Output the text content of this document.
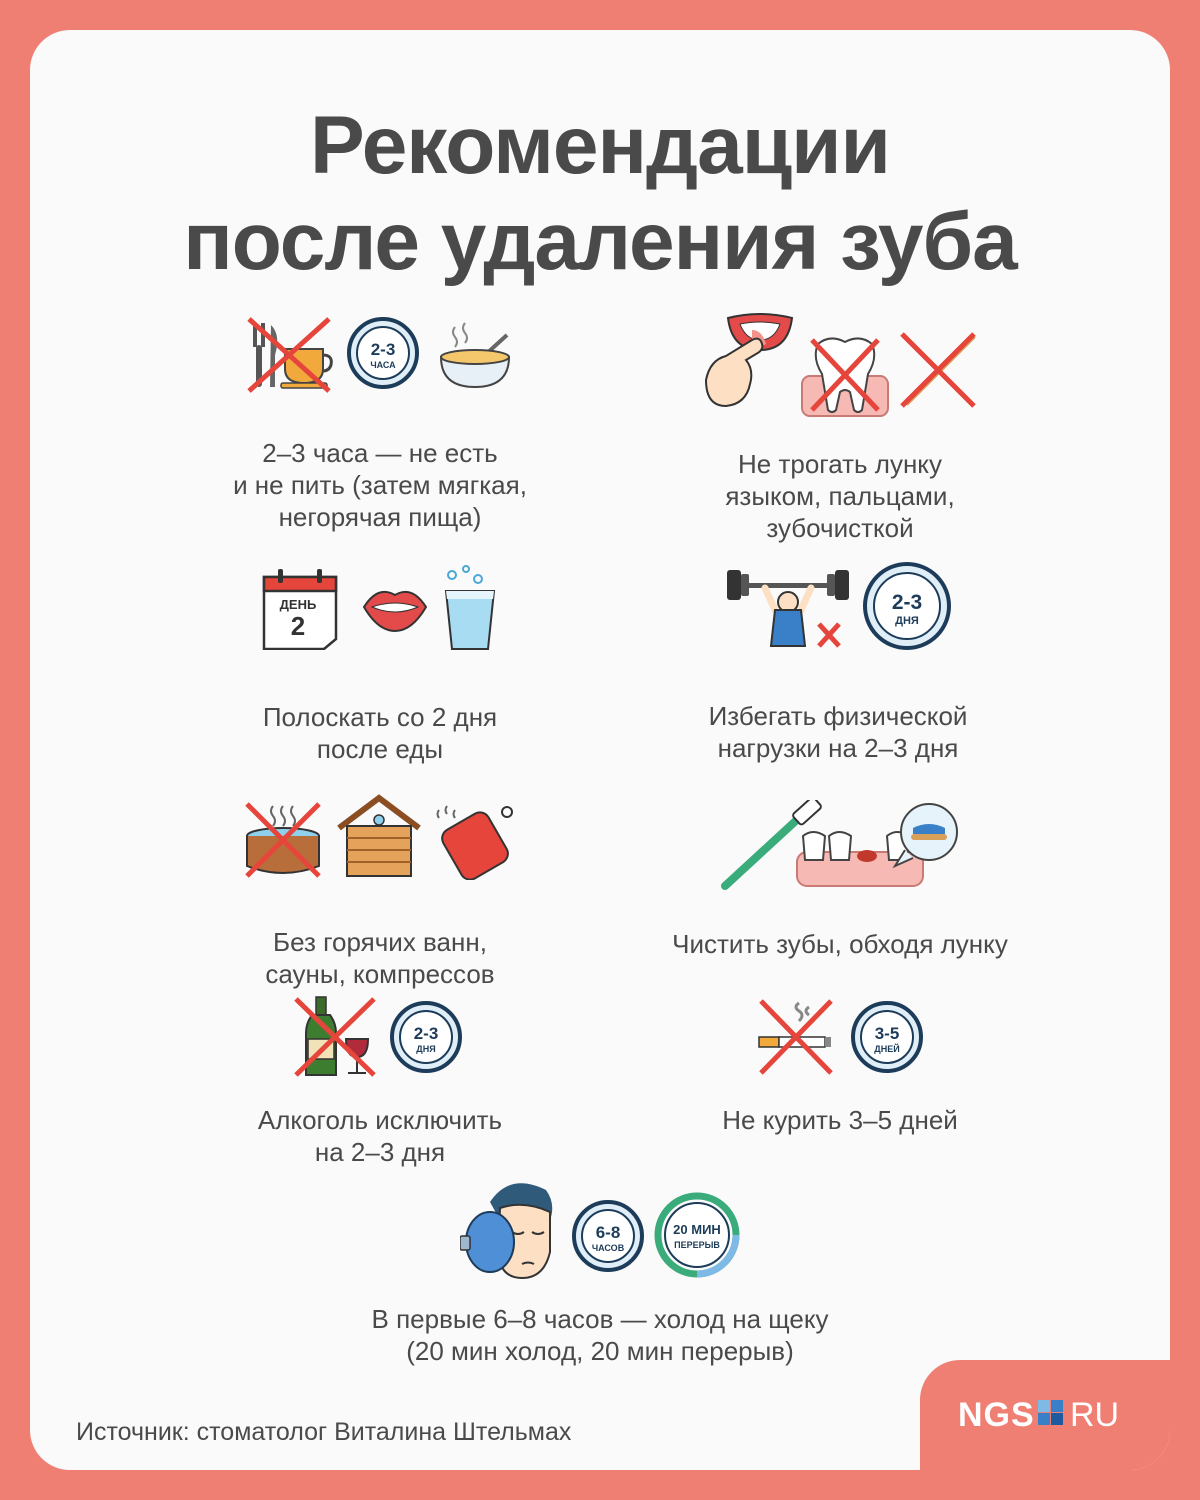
Рекомендации
после удаления зуба
2-3
ЧАСА
2–3 часа — не есть
и не пить (затем мягкая,
негорячая пища)
Не трогать лунку
языком, пальцами,
зубочисткой
ДЕНЬ
2
Полоскать со 2 дня
после еды
2-3
ДНЯ
Избегать физической
нагрузки на 2–3 дня
Без горячих ванн,
сауны, компрессов
Чистить зубы, обходя лунку
2-3
ДНЯ
Алкоголь исключить
на 2–3 дня
3-5
ДНЕЙ
Не курить 3–5 дней
6-8
ЧАСОВ
20 МИН
ПЕРЕРЫВ
В первые 6–8 часов — холод на щеку
(20 мин холод, 20 мин перерыв)
Источник: стоматолог Виталина Штельмах	NGS RU
